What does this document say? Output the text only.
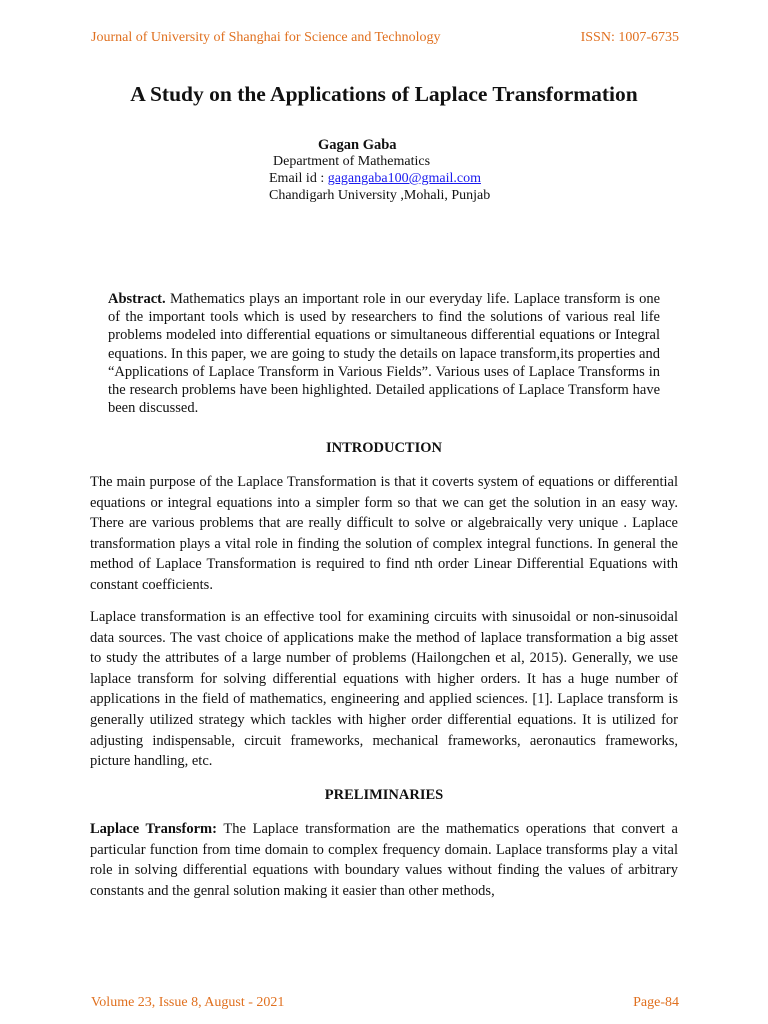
Journal of University of Shanghai for Science and Technology	ISSN: 1007-6735
A Study on the Applications of Laplace Transformation
Gagan Gaba
Department of Mathematics
Email id : gagangaba100@gmail.com
Chandigarh University ,Mohali, Punjab
Abstract. Mathematics plays an important role in our everyday life. Laplace transform is one of the important tools which is used by researchers to find the solutions of various real life problems modeled into differential equations or simultaneous differential equations or Integral equations. In this paper, we are going to study the details on lapace transform,its properties and “Applications of Laplace Transform in Various Fields”. Various uses of Laplace Transforms in the research problems have been highlighted. Detailed applications of Laplace Transform have been discussed.
INTRODUCTION
The main purpose of the Laplace Transformation is that it coverts system of equations or differential equations or integral equations into a simpler form so that we can get the solution in an easy way. There are various problems that are really difficult to solve or algebraically very unique . Laplace transformation plays a vital role in finding the solution of complex integral functions. In general the method of Laplace Transformation is required to find nth order Linear Differential Equations with constant coefficients.
Laplace transformation is an effective tool for examining circuits with sinusoidal or non-sinusoidal data sources. The vast choice of applications make the method of laplace transformation a big asset to study the attributes of a large number of problems (Hailongchen et al, 2015). Generally, we use laplace transform for solving differential equations with higher orders. It has a huge number of applications in the field of mathematics, engineering and applied sciences. [1]. Laplace transform is generally utilized strategy which tackles with higher order differential equations. It is utilized for adjusting indispensable, circuit frameworks, mechanical frameworks, aeronautics frameworks, picture handling, etc.
PRELIMINARIES
Laplace Transform: The Laplace transformation are the mathematics operations that convert a particular function from time domain to complex frequency domain. Laplace transforms play a vital role in solving differential equations with boundary values without finding the values of arbitrary constants and the genral solution making it easier than other methods,
Volume 23, Issue 8, August - 2021	Page-84
